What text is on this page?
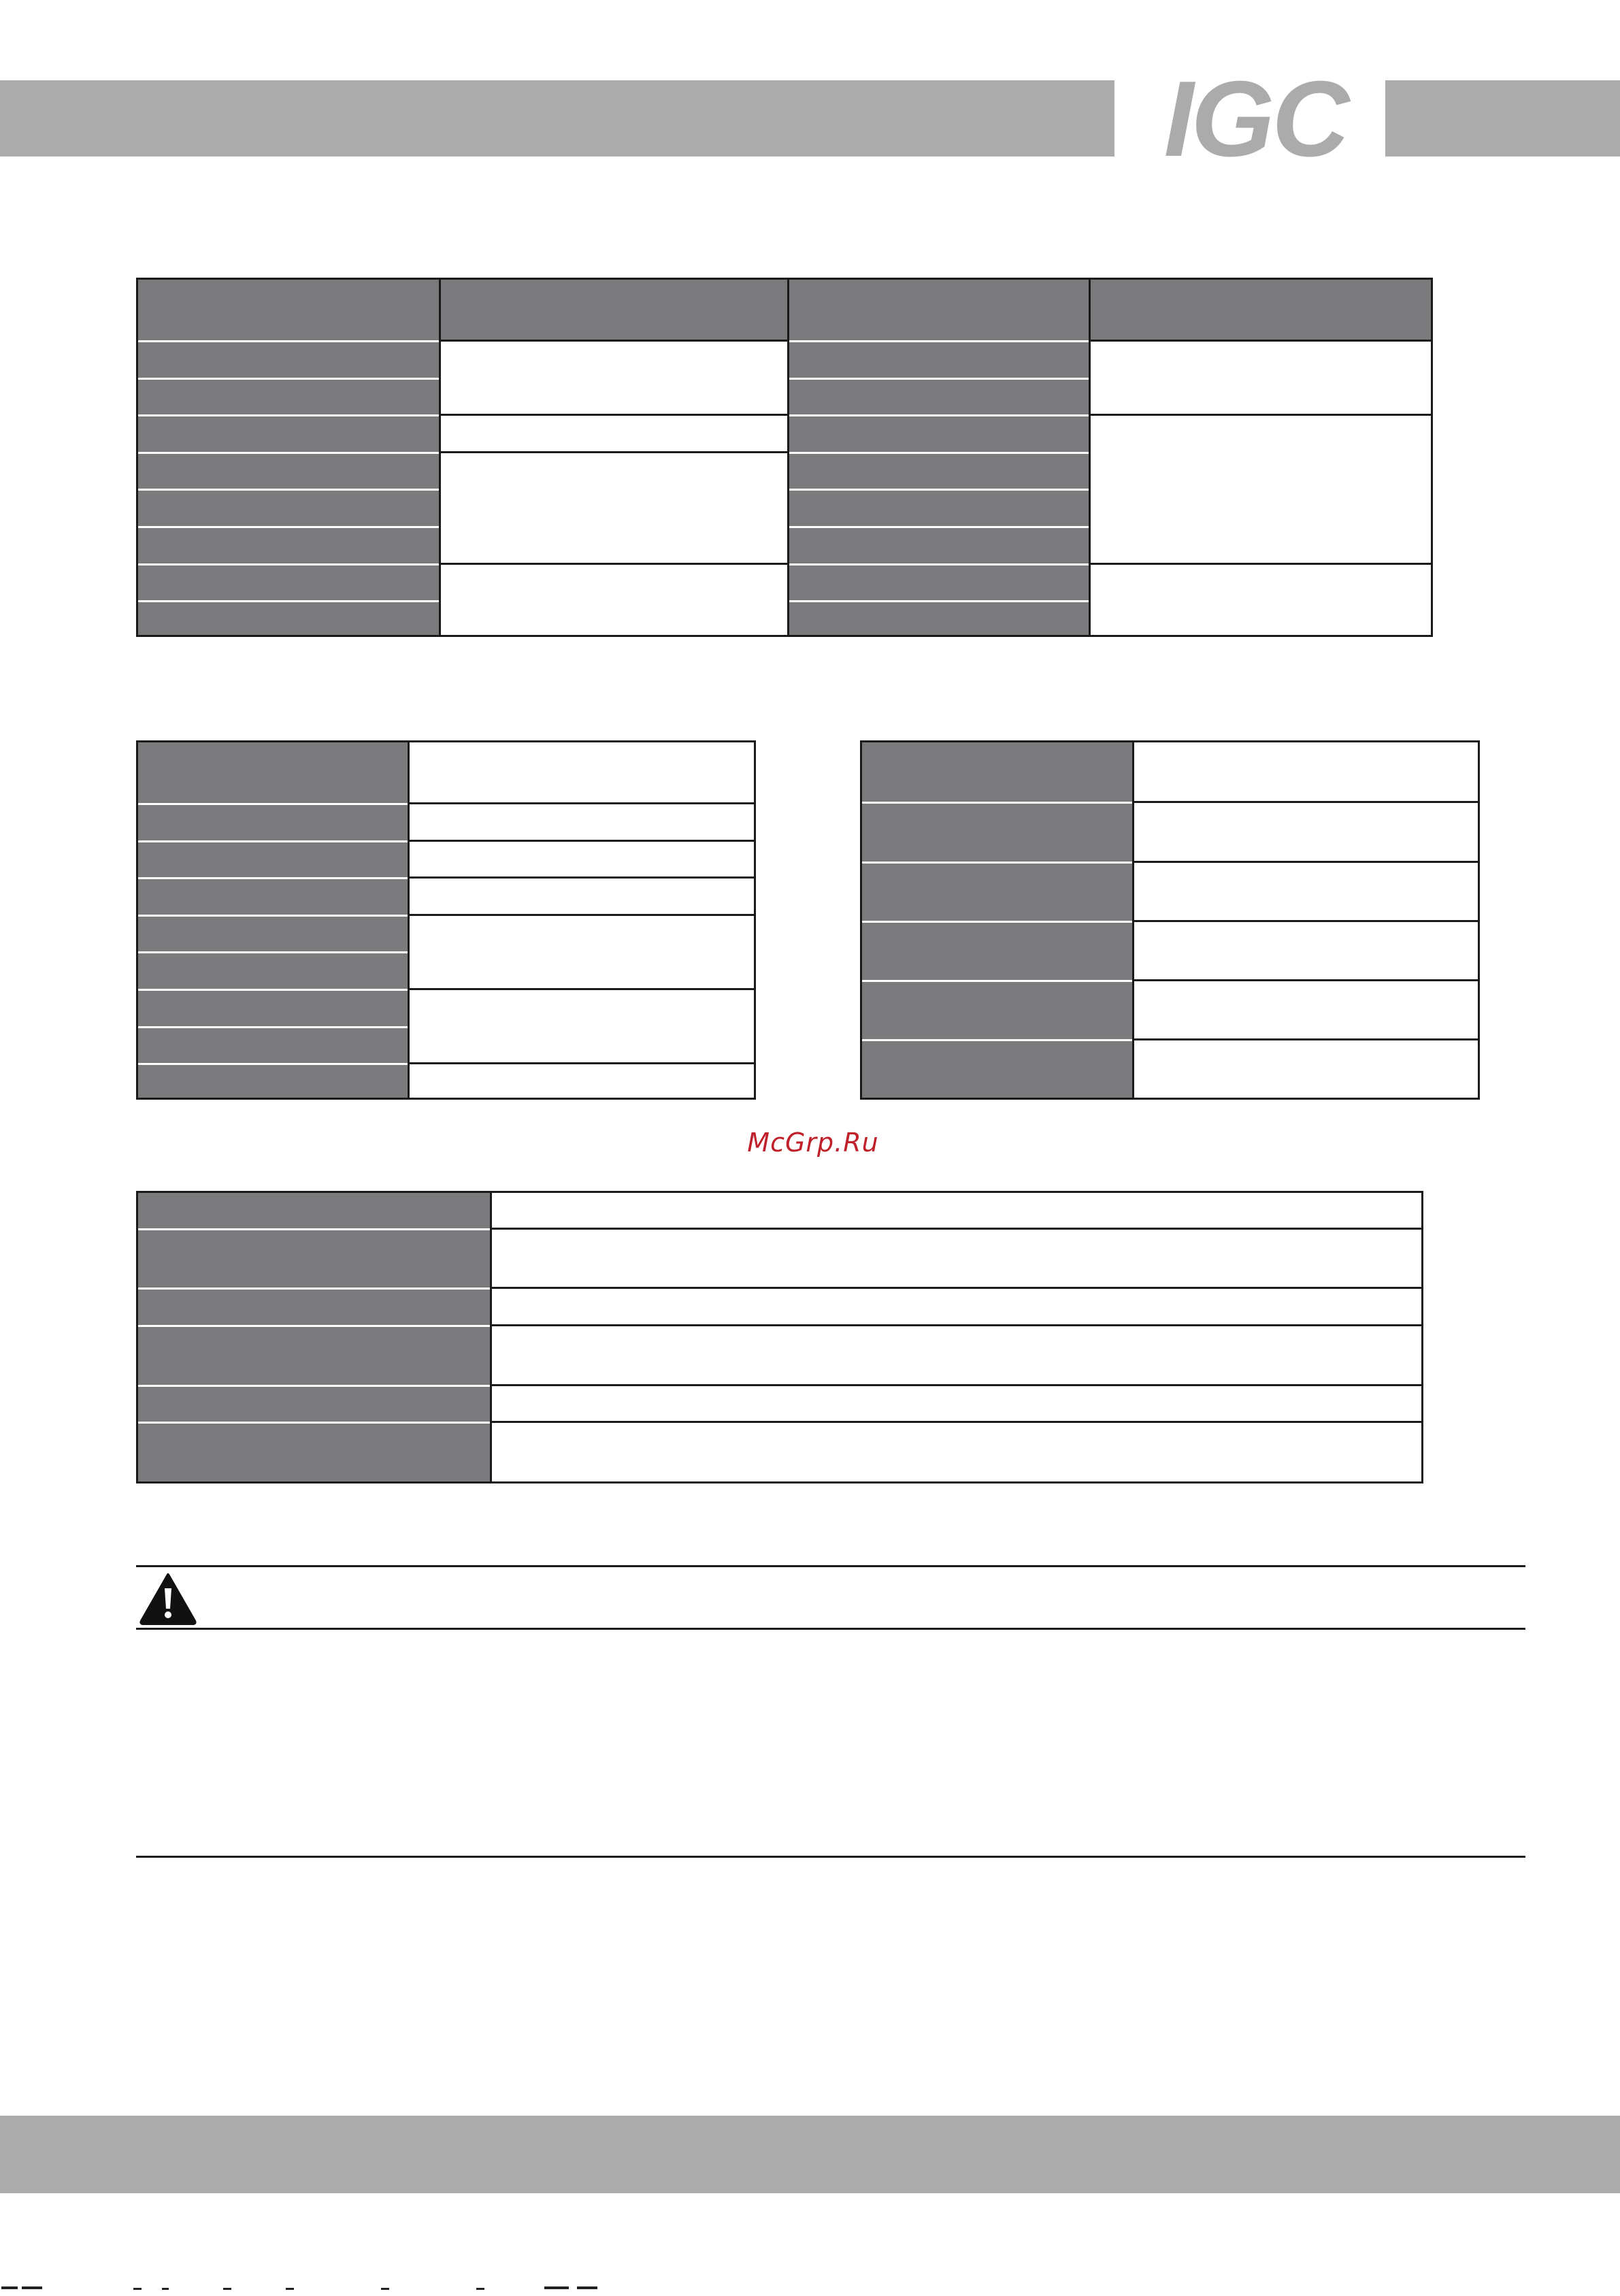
IGC
McGrp.Ru
